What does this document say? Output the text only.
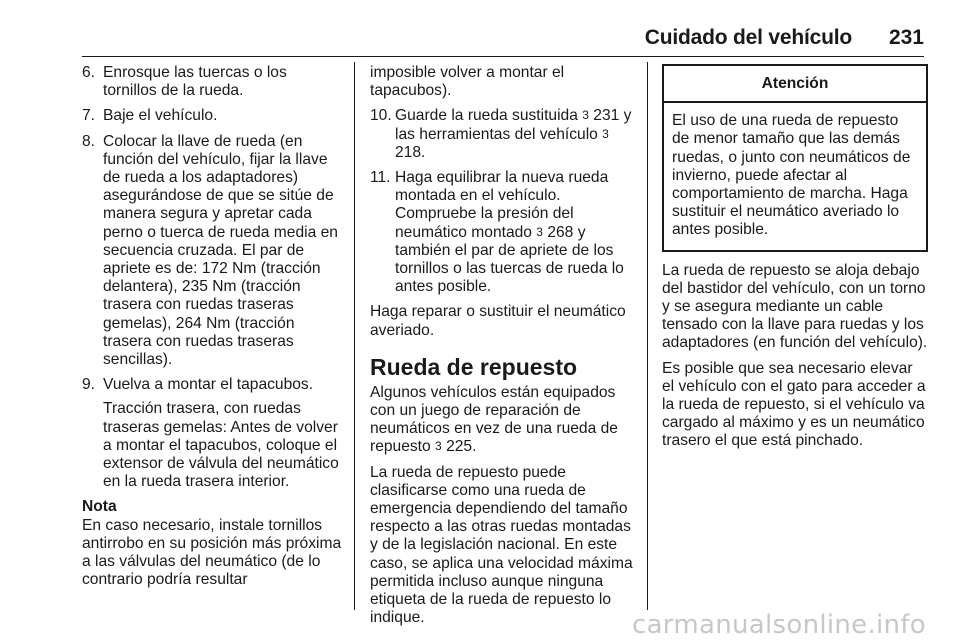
Cuidado del vehículo 231
6. Enrosque las tuercas o los tornillos de la rueda.

7. Baje el vehículo.

8. Colocar la llave de rueda (en función del vehículo, fijar la llave de rueda a los adaptadores) asegurándose de que se sitúe de manera segura y apretar cada perno o tuerca de rueda media en secuencia cruzada. El par de apriete es de: 172 Nm (tracción delantera), 235 Nm (tracción trasera con ruedas traseras gemelas), 264 Nm (tracción trasera con ruedas traseras sencillas).

9. Vuelva a montar el tapacubos.

Tracción trasera, con ruedas traseras gemelas: Antes de volver a montar el tapacubos, coloque el extensor de válvula del neumático en la rueda trasera interior.

Nota

En caso necesario, instale tornillos antirrobo en su posición más próxima a las válvulas del neumático (de lo contrario podría resultar

imposible volver a montar el tapacubos).

10. Guarde la rueda sustituida 3 231 y las herramientas del vehículo 3 218.

11. Haga equilibrar la nueva rueda montada en el vehículo.

Compruebe la presión del neumático montado 3 268 y también el par de apriete de los tornillos o las tuercas de rueda lo antes posible.

Haga reparar o sustituir el neumático averiado.

Rueda de repuesto

Algunos vehículos están equipados con un juego de reparación de neumáticos en vez de una rueda de repuesto 3 225.

La rueda de repuesto puede clasificarse como una rueda de emergencia dependiendo del tamaño respecto a las otras ruedas montadas y de la legislación nacional. En este caso, se aplica una velocidad máxima permitida incluso aunque ninguna etiqueta de la rueda de repuesto lo indique.

Atención

El uso de una rueda de repuesto de menor tamaño que las demás ruedas, o junto con neumáticos de invierno, puede afectar al comportamiento de marcha. Haga sustituir el neumático averiado lo antes posible.

La rueda de repuesto se aloja debajo del bastidor del vehículo, con un torno y se asegura mediante un cable tensado con la llave para ruedas y los adaptadores (en función del vehículo).

Es posible que sea necesario elevar el vehículo con el gato para acceder a la rueda de repuesto, si el vehículo va cargado al máximo y es un neumático trasero el que está pinchado.

carmanualsonline.info
